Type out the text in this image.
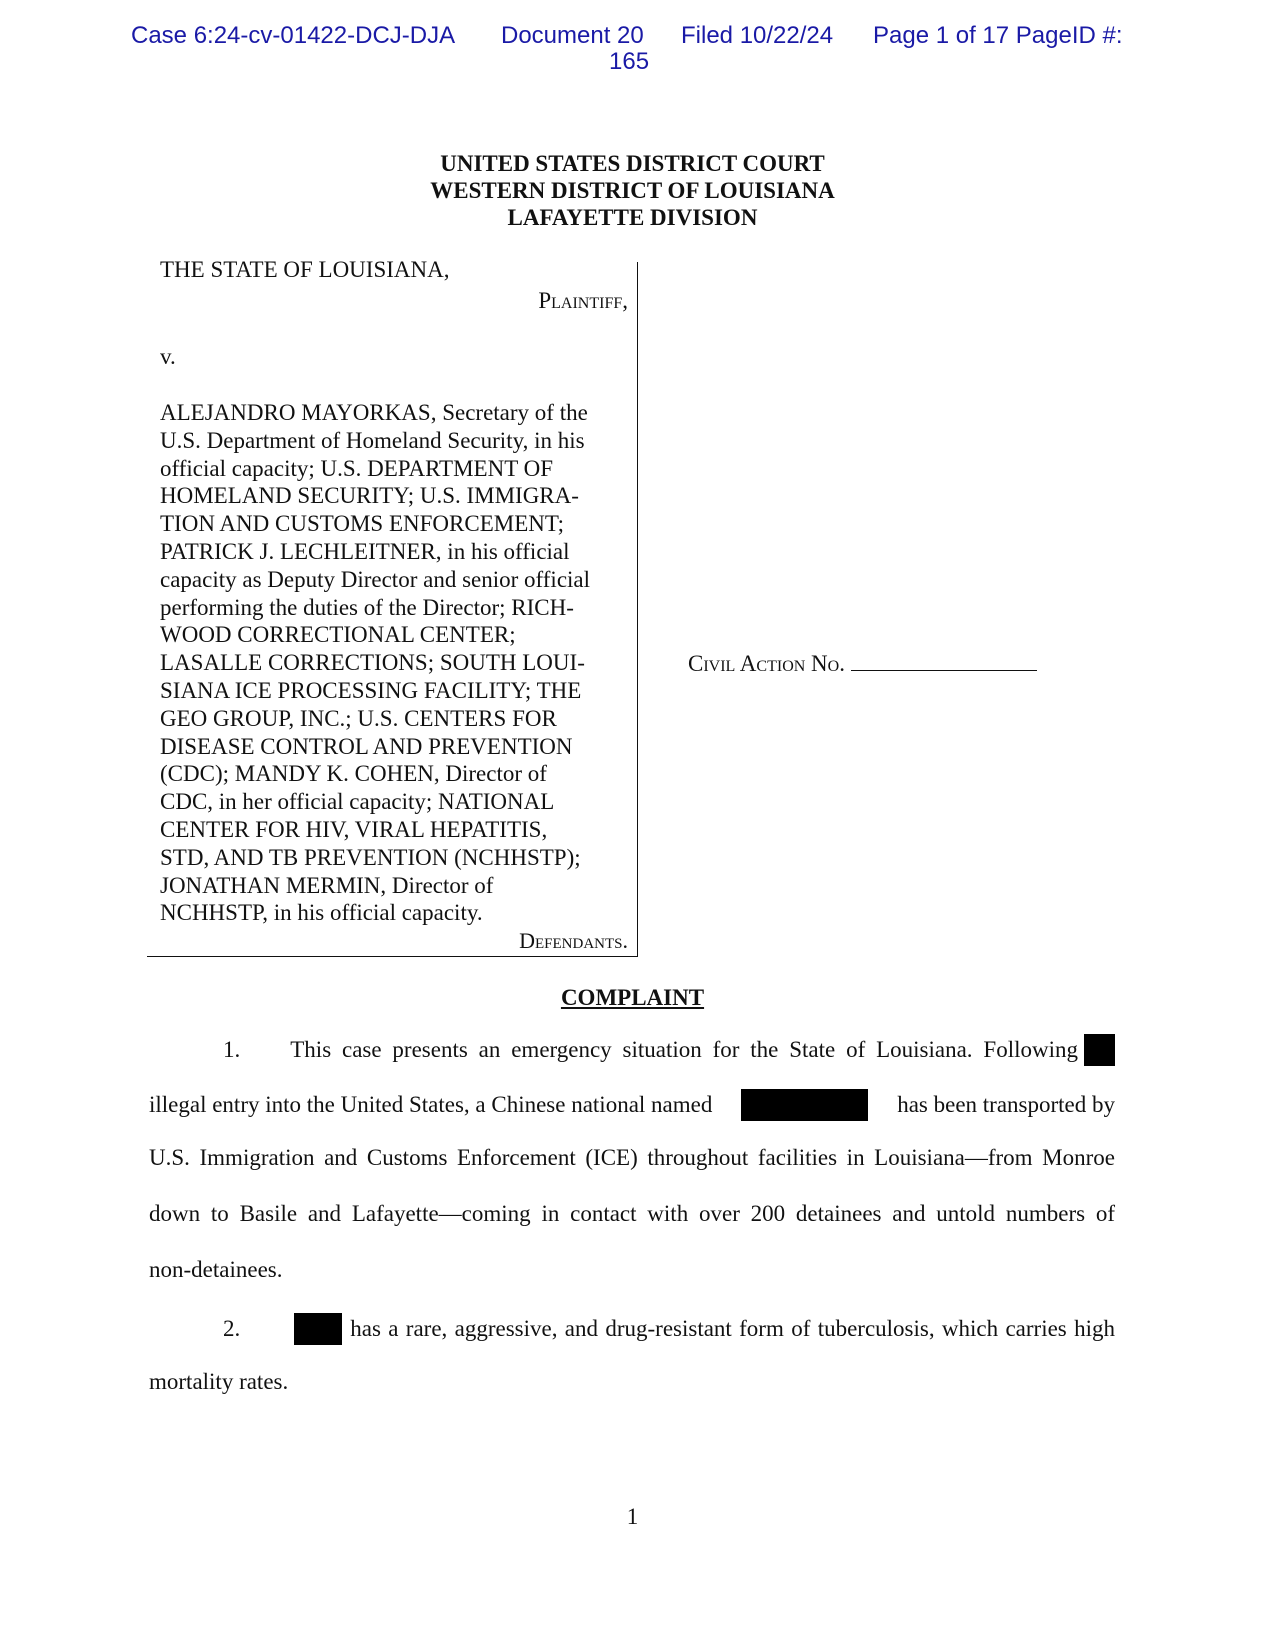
Case 6:24-cv-01422-DCJ-DJA Document 20 Filed 10/22/24 Page 1 of 17 PageID #:
165
UNITED STATES DISTRICT COURT
WESTERN DISTRICT OF LOUISIANA
LAFAYETTE DIVISION

THE STATE OF LOUISIANA,

Plaintiff,
v.
ALEJANDRO MAYORKAS, Secretary of the
U.S. Department of Homeland Security, in his
official capacity; U.S. DEPARTMENT OF
HOMELAND SECURITY; U.S. IMMIGRA-
TION AND CUSTOMS ENFORCEMENT;
PATRICK J. LECHLEITNER, in his official
capacity as Deputy Director and senior official
performing the duties of the Director; RICH-
WOOD CORRECTIONAL CENTER;
LASALLE CORRECTIONS; SOUTH LOUI-
SIANA ICE PROCESSING FACILITY; THE
GEO GROUP, INC.; U.S. CENTERS FOR
DISEASE CONTROL AND PREVENTION
(CDC); MANDY K. COHEN, Director of
CDC, in her official capacity; NATIONAL
CENTER FOR HIV, VIRAL HEPATITIS,
STD, AND TB PREVENTION (NCHHSTP);
JONATHAN MERMIN, Director of
NCHHSTP, in his official capacity.
Defendants.
Civil Action No.
COMPLAINT
1. This case presents an emergency situation for the State of Louisiana. Following
illegal entry into the United States, a Chinese national named	has been transported by
U.S. Immigration and Customs Enforcement (ICE) throughout facilities in Louisiana—from Monroe
down to Basile and Lafayette—coming in contact with over 200 detainees and untold numbers of
non-detainees.
2.	has a rare, aggressive, and drug-resistant form of tuberculosis, which carries high
mortality rates.
1
